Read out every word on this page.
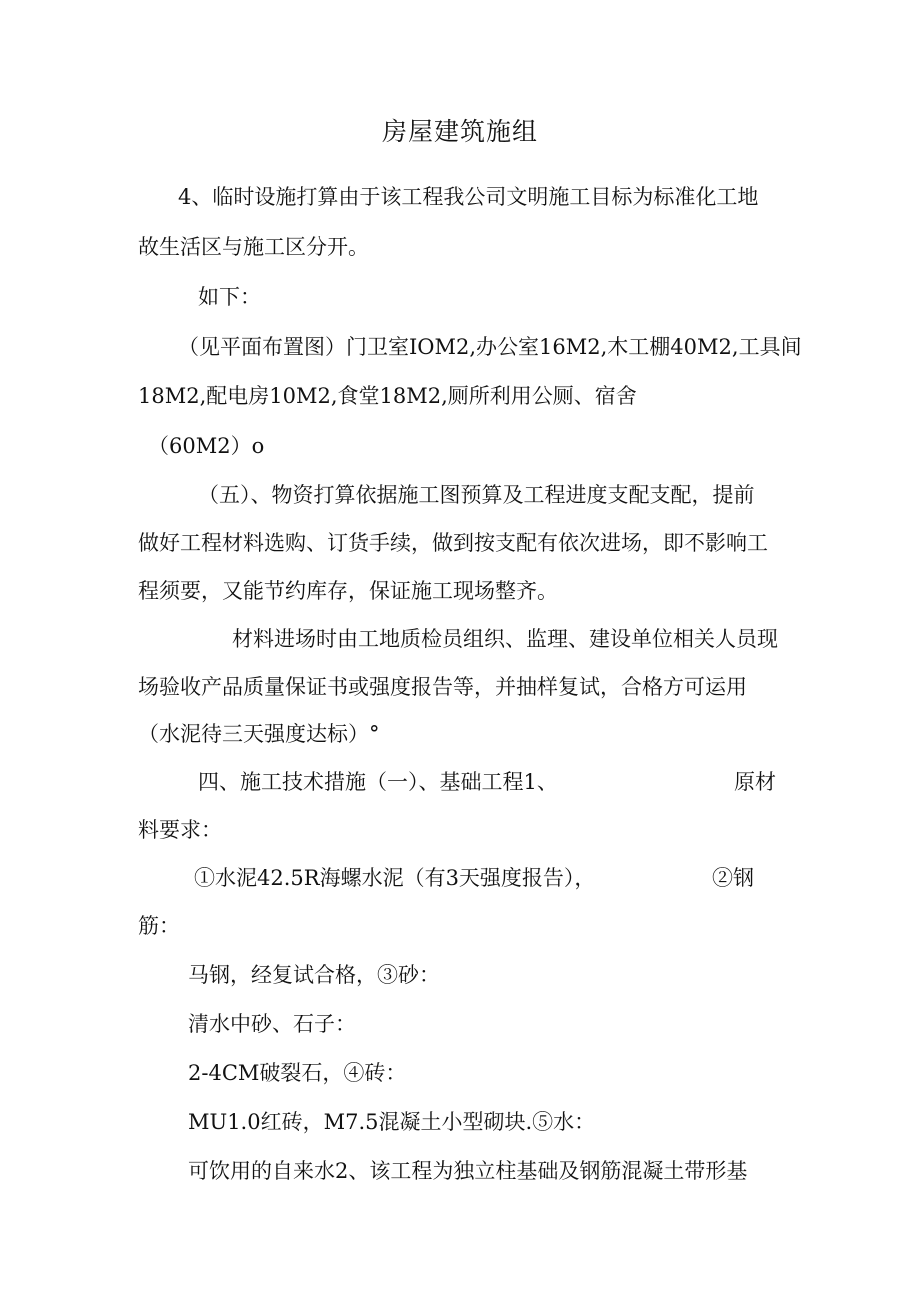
房屋建筑施组
4、临时设施打算由于该工程我公司文明施工目标为标准化工地
故生活区与施工区分开。
如下：
（见平面布置图）门卫室IOM2,办公室16M2,木工棚40M2,工具间
18M2,配电房10M2,食堂18M2,厕所利用公厕、宿舍
（60M2）o
（五）、物资打算依据施工图预算及工程进度支配支配，提前
做好工程材料选购、订货手续，做到按支配有依次进场，即不影响工
程须要，又能节约库存，保证施工现场整齐。
材料进场时由工地质检员组织、监理、建设单位相关人员现
场验收产品质量保证书或强度报告等，并抽样复试，合格方可运用
（水泥待三天强度达标）°
四、施工技术措施（一）、基础工程1、	原材
料要求：
①水泥42.5R海螺水泥（有3天强度报告），	②钢
筋：
马钢，经复试合格，③砂：
清水中砂、石子：
2-4CM破裂石，④砖：
MU1.0红砖，M7.5混凝土小型砌块.⑤水：
可饮用的自来水2、该工程为独立柱基础及钢筋混凝土带形基
